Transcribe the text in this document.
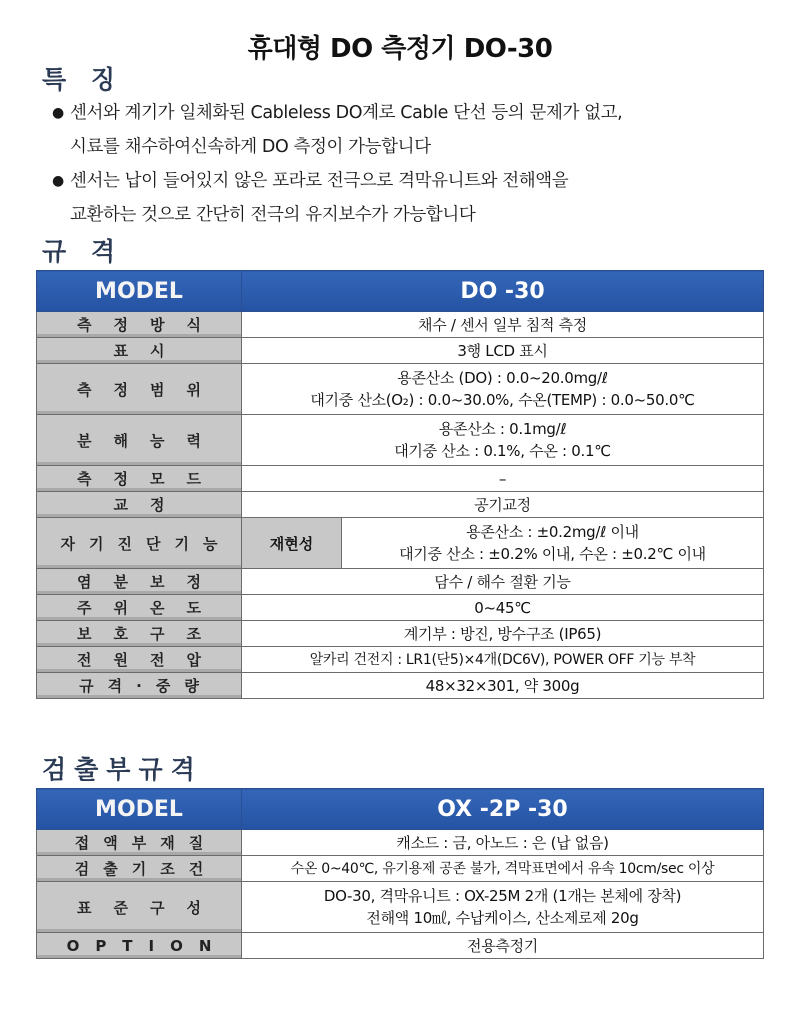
휴대형 DO 측정기 DO-30
특 징
● 센서와 계기가 일체화된 Cableless DO계로 Cable 단선 등의 문제가 없고,
시료를 채수하여신속하게 DO 측정이 가능합니다
● 센서는 납이 들어있지 않은 포라로 전극으로 격막유니트와 전해액을
교환하는 것으로 간단히 전극의 유지보수가 가능합니다
규 격
MODEL	DO -30	
측정방식	채수 / 센서 일부 침적 측정	
표시	3행 LCD 표시	
측정범위	용존산소 (DO) : 0.0~20.0mg/ℓ
대기중 산소(O₂) : 0.0~30.0%, 수온(TEMP) : 0.0~50.0℃	

분해능력	용존산소 : 0.1mg/ℓ
대기중 산소 : 0.1%, 수온 : 0.1℃	

측정모드	–	
교정	공기교정	
자기진단기능	재현성	용존산소 : ±0.2mg/ℓ 이내
대기중 산소 : ±0.2% 이내, 수온 : ±0.2℃ 이내

염분보정	담수 / 해수 절환 기능	
주위온도	0~45℃	
보호구조	계기부 : 방진, 방수구조 (IP65)	
전원전압	알카리 건전지 : LR1(단5)×4개(DC6V), POWER OFF 기능 부착	
규격·중량	48×32×301, 약 300g	
검출부규격
MODEL	OX -2P -30
접액부재질	캐소드 : 금, 아노드 : 은 (납 없음)
검출기조건	수온 0~40℃, 유기용제 공존 불가, 격막표면에서 유속 10cm/sec 이상
표준구성	DO-30, 격막유니트 : OX-25M 2개 (1개는 본체에 장착)
전해액 10㎖, 수납케이스, 산소제로제 20g

OPTION	전용측정기
